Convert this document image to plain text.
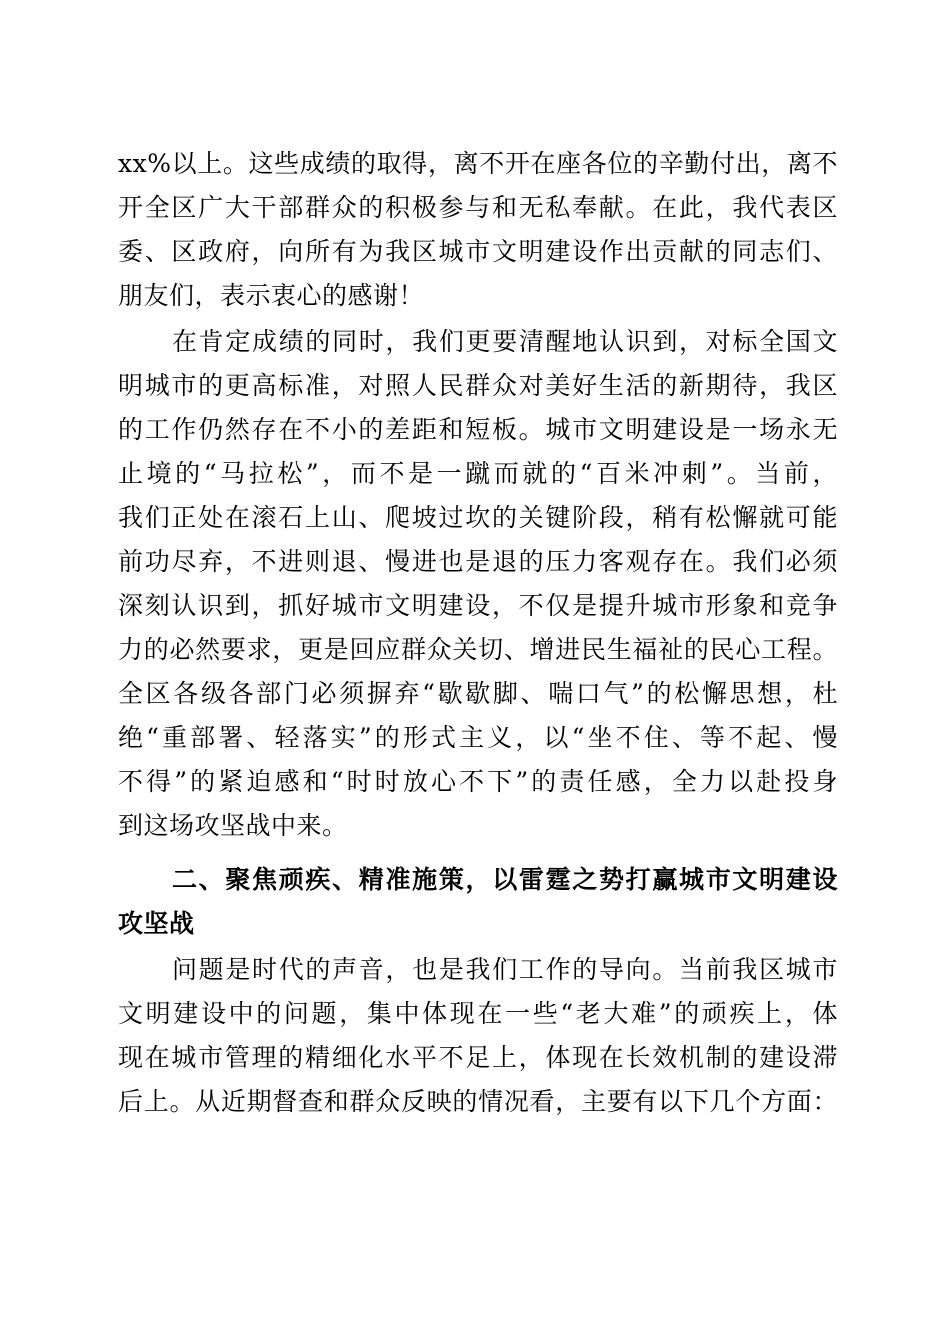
xx%以上。这些成绩的取得，离不开在座各位的辛勤付出，离不
开全区广大干部群众的积极参与和无私奉献。在此，我代表区
委、区政府，向所有为我区城市文明建设作出贡献的同志们、
朋友们，表示衷心的感谢！
在肯定成绩的同时，我们更要清醒地认识到，对标全国文
明城市的更高标准，对照人民群众对美好生活的新期待，我区
的工作仍然存在不小的差距和短板。城市文明建设是一场永无
止境的“马拉松”，而不是一蹴而就的“百米冲刺”。当前，
我们正处在滚石上山、爬坡过坎的关键阶段，稍有松懈就可能
前功尽弃，不进则退、慢进也是退的压力客观存在。我们必须
深刻认识到，抓好城市文明建设，不仅是提升城市形象和竞争
力的必然要求，更是回应群众关切、增进民生福祉的民心工程。
全区各级各部门必须摒弃“歇歇脚、喘口气”的松懈思想，杜
绝“重部署、轻落实”的形式主义，以“坐不住、等不起、慢
不得”的紧迫感和“时时放心不下”的责任感，全力以赴投身
到这场攻坚战中来。
二、聚焦顽疾、精准施策，以雷霆之势打赢城市文明建设
攻坚战
问题是时代的声音，也是我们工作的导向。当前我区城市
文明建设中的问题，集中体现在一些“老大难”的顽疾上，体
现在城市管理的精细化水平不足上，体现在长效机制的建设滞
后上。从近期督查和群众反映的情况看，主要有以下几个方面：
